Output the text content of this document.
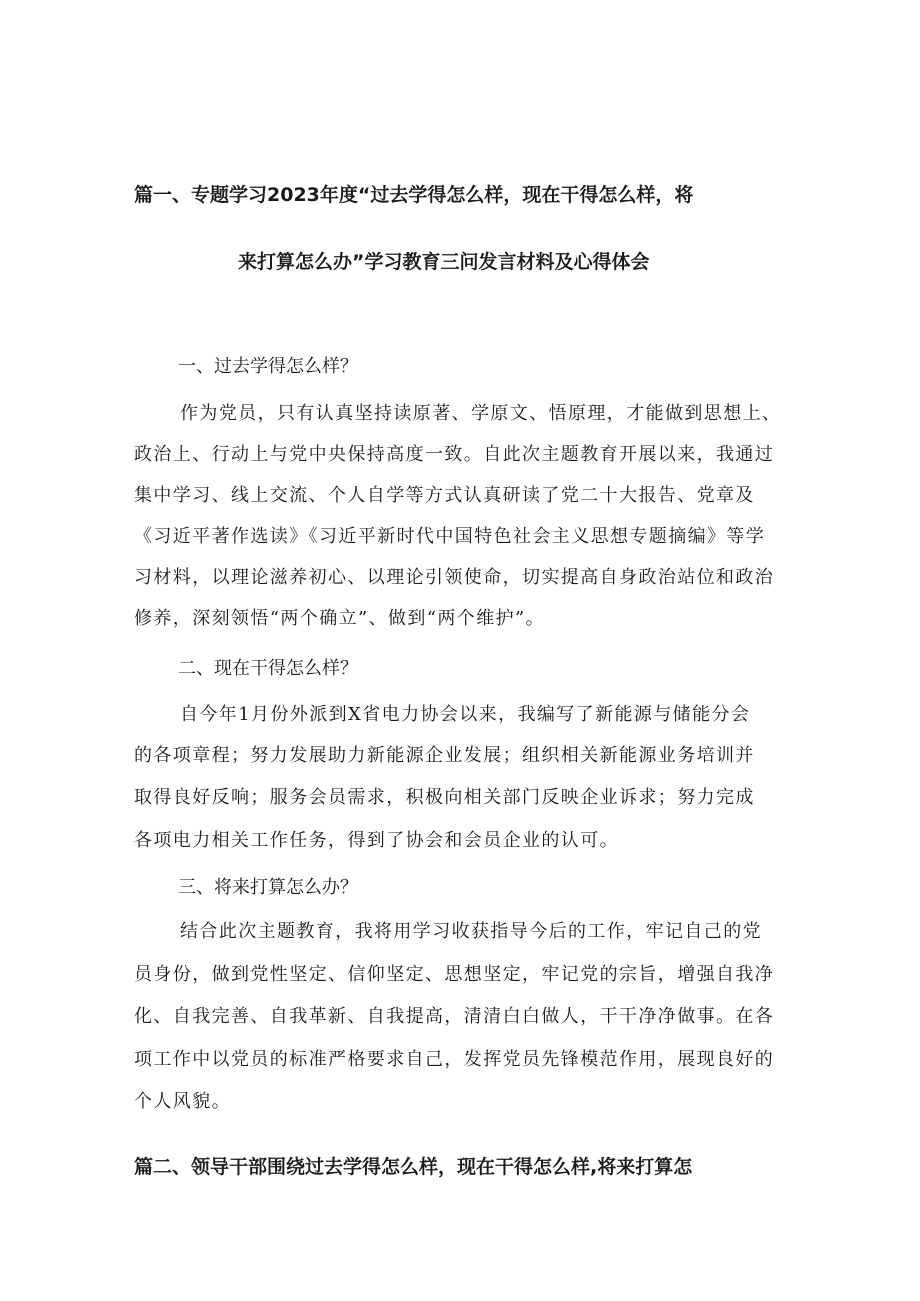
篇一、专题学习2023年度“过去学得怎么样，现在干得怎么样，将
来打算怎么办”学习教育三问发言材料及心得体会
一、过去学得怎么样？
作为党员，只有认真坚持读原著、学原文、悟原理，才能做到思想上、
政治上、行动上与党中央保持高度一致。自此次主题教育开展以来，我通过
集中学习、线上交流、个人自学等方式认真研读了党二十大报告、党章及
《习近平著作选读》《习近平新时代中国特色社会主义思想专题摘编》等学
习材料，以理论滋养初心、以理论引领使命，切实提高自身政治站位和政治
修养，深刻领悟“两个确立”、做到“两个维护”。
二、现在干得怎么样？
自今年1月份外派到X省电力协会以来，我编写了新能源与储能分会
的各项章程；努力发展助力新能源企业发展；组织相关新能源业务培训并
取得良好反响；服务会员需求，积极向相关部门反映企业诉求；努力完成
各项电力相关工作任务，得到了协会和会员企业的认可。
三、将来打算怎么办？
结合此次主题教育，我将用学习收获指导今后的工作，牢记自己的党
员身份，做到党性坚定、信仰坚定、思想坚定，牢记党的宗旨，增强自我净
化、自我完善、自我革新、自我提高，清清白白做人，干干净净做事。在各
项工作中以党员的标准严格要求自己，发挥党员先锋模范作用，展现良好的
个人风貌。
篇二、领导干部围绕过去学得怎么样，现在干得怎么样,将来打算怎
